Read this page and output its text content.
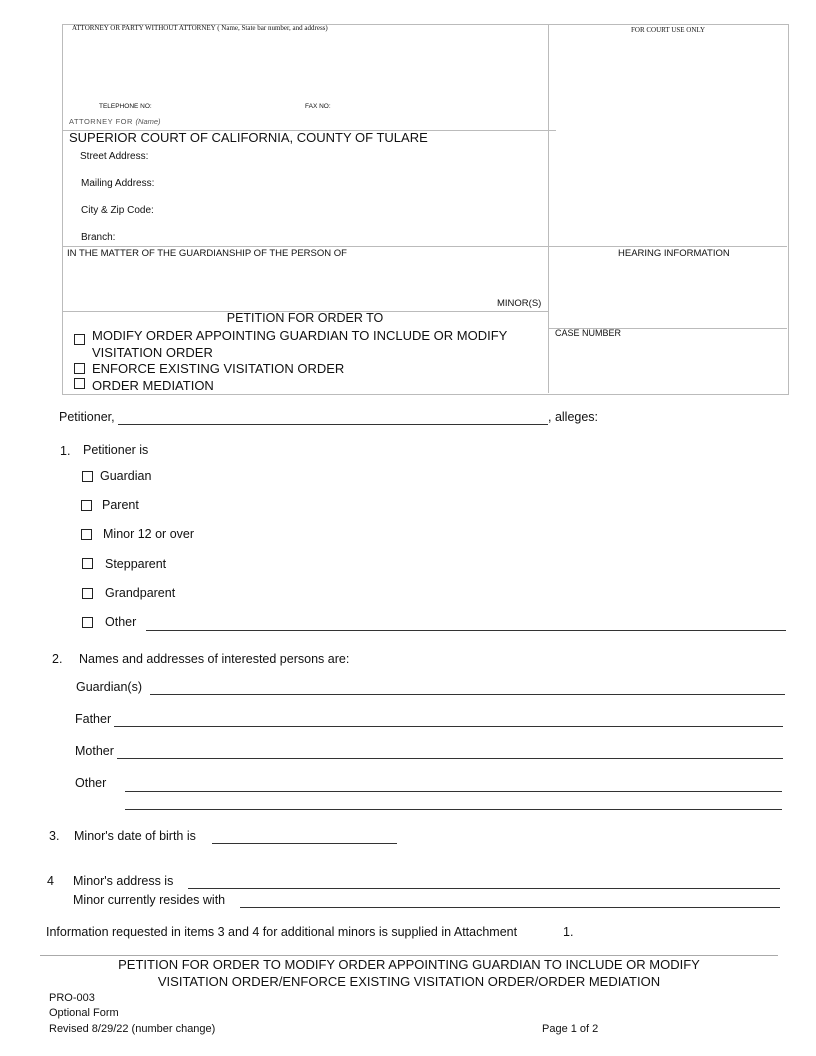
ATTORNEY OR PARTY WITHOUT ATTORNEY ( Name, State bar number, and address)
TELEPHONE NO:	FAX NO:
ATTORNEY FOR (Name)
FOR COURT USE ONLY
SUPERIOR COURT OF CALIFORNIA, COUNTY OF TULARE
Street Address:
Mailing Address:
City & Zip Code:
Branch:
IN THE MATTER OF THE GUARDIANSHIP OF THE PERSON OF
MINOR(S)
HEARING INFORMATION
CASE NUMBER
PETITION FOR ORDER TO
MODIFY ORDER APPOINTING GUARDIAN TO INCLUDE OR MODIFY
VISITATION ORDER
ENFORCE EXISTING VISITATION ORDER
ORDER MEDIATION
Petitioner,	, alleges:
1. Petitioner is
Guardian
Parent
Minor 12 or over
Stepparent
Grandparent
Other
2. Names and addresses of interested persons are:
Guardian(s)
Father
Mother
Other
3. Minor's date of birth is
4 Minor's address is
Minor currently resides with
Information requested in items 3 and 4 for additional minors is supplied in Attachment	1.
PETITION FOR ORDER TO MODIFY ORDER APPOINTING GUARDIAN TO INCLUDE OR MODIFY
VISITATION ORDER/ENFORCE EXISTING VISITATION ORDER/ORDER MEDIATION
PRO-003
Optional Form
Revised 8/29/22 (number change)	Page 1 of 2
